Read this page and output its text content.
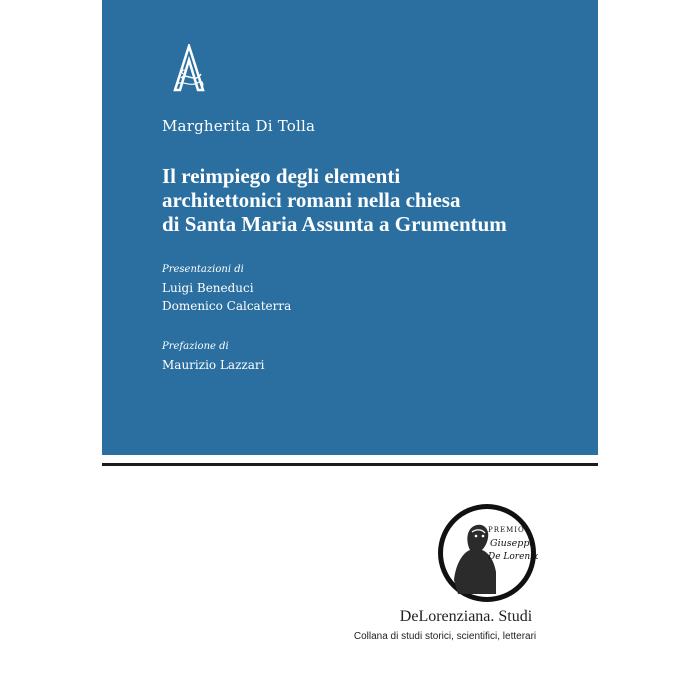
Margherita Di Tolla
Il reimpiego degli elementi
architettonici romani nella chiesa
di Santa Maria Assunta a Grumentum
Presentazioni di
Luigi Beneduci
Domenico Calcaterra
Prefazione di
Maurizio Lazzari
PREMIO
Giuseppe
De Lorenzo
DeLorenziana. Studi
Collana di studi storici, scientifici, letterari
